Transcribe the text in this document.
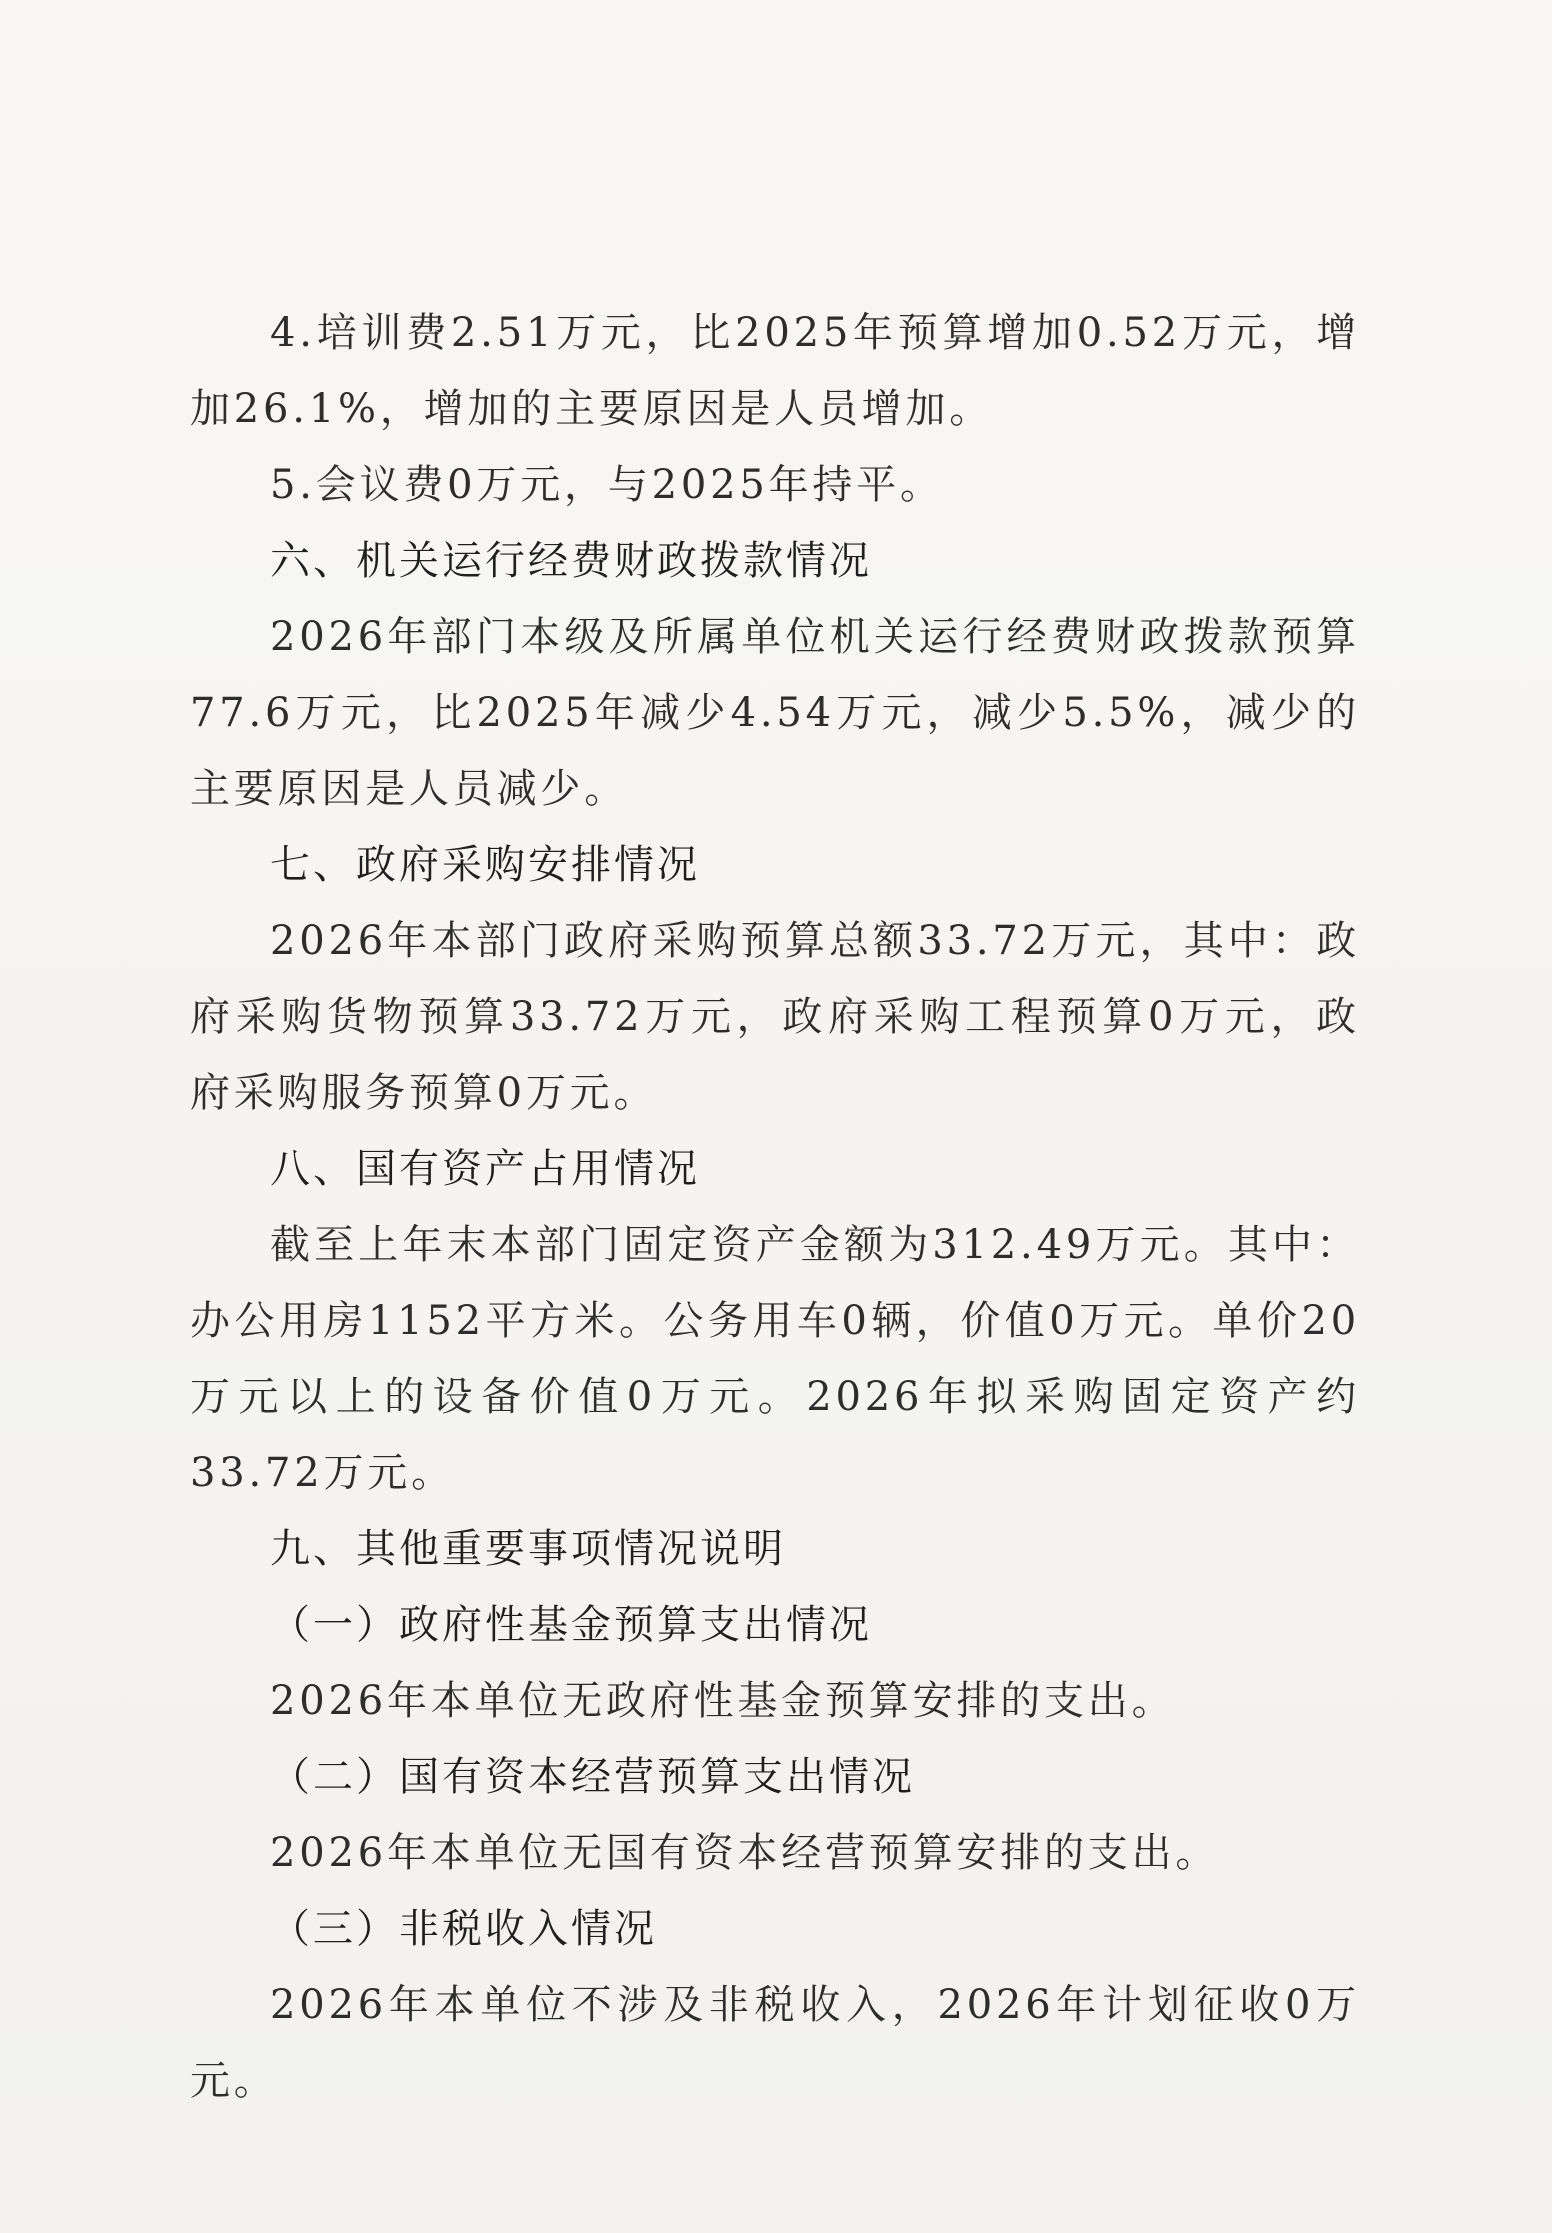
4.培训费2.51万元，比2025年预算增加0.52万元，增加26.1%，增加的主要原因是人员增加。

5.会议费0万元，与2025年持平。

六、机关运行经费财政拨款情况

2026年部门本级及所属单位机关运行经费财政拨款预算77.6万元，比2025年减少4.54万元，减少5.5%，减少的主要原因是人员减少。

七、政府采购安排情况

2026年本部门政府采购预算总额33.72万元，其中：政府采购货物预算33.72万元，政府采购工程预算0万元，政府采购服务预算0万元。

八、国有资产占用情况

截至上年末本部门固定资产金额为312.49万元。其中：办公用房1152平方米。公务用车0辆，价值0万元。单价20万元以上的设备价值0万元。2026年拟采购固定资产约33.72万元。

九、其他重要事项情况说明

（一）政府性基金预算支出情况

2026年本单位无政府性基金预算安排的支出。

（二）国有资本经营预算支出情况

2026年本单位无国有资本经营预算安排的支出。

（三）非税收入情况

2026年本单位不涉及非税收入，2026年计划征收0万元。
